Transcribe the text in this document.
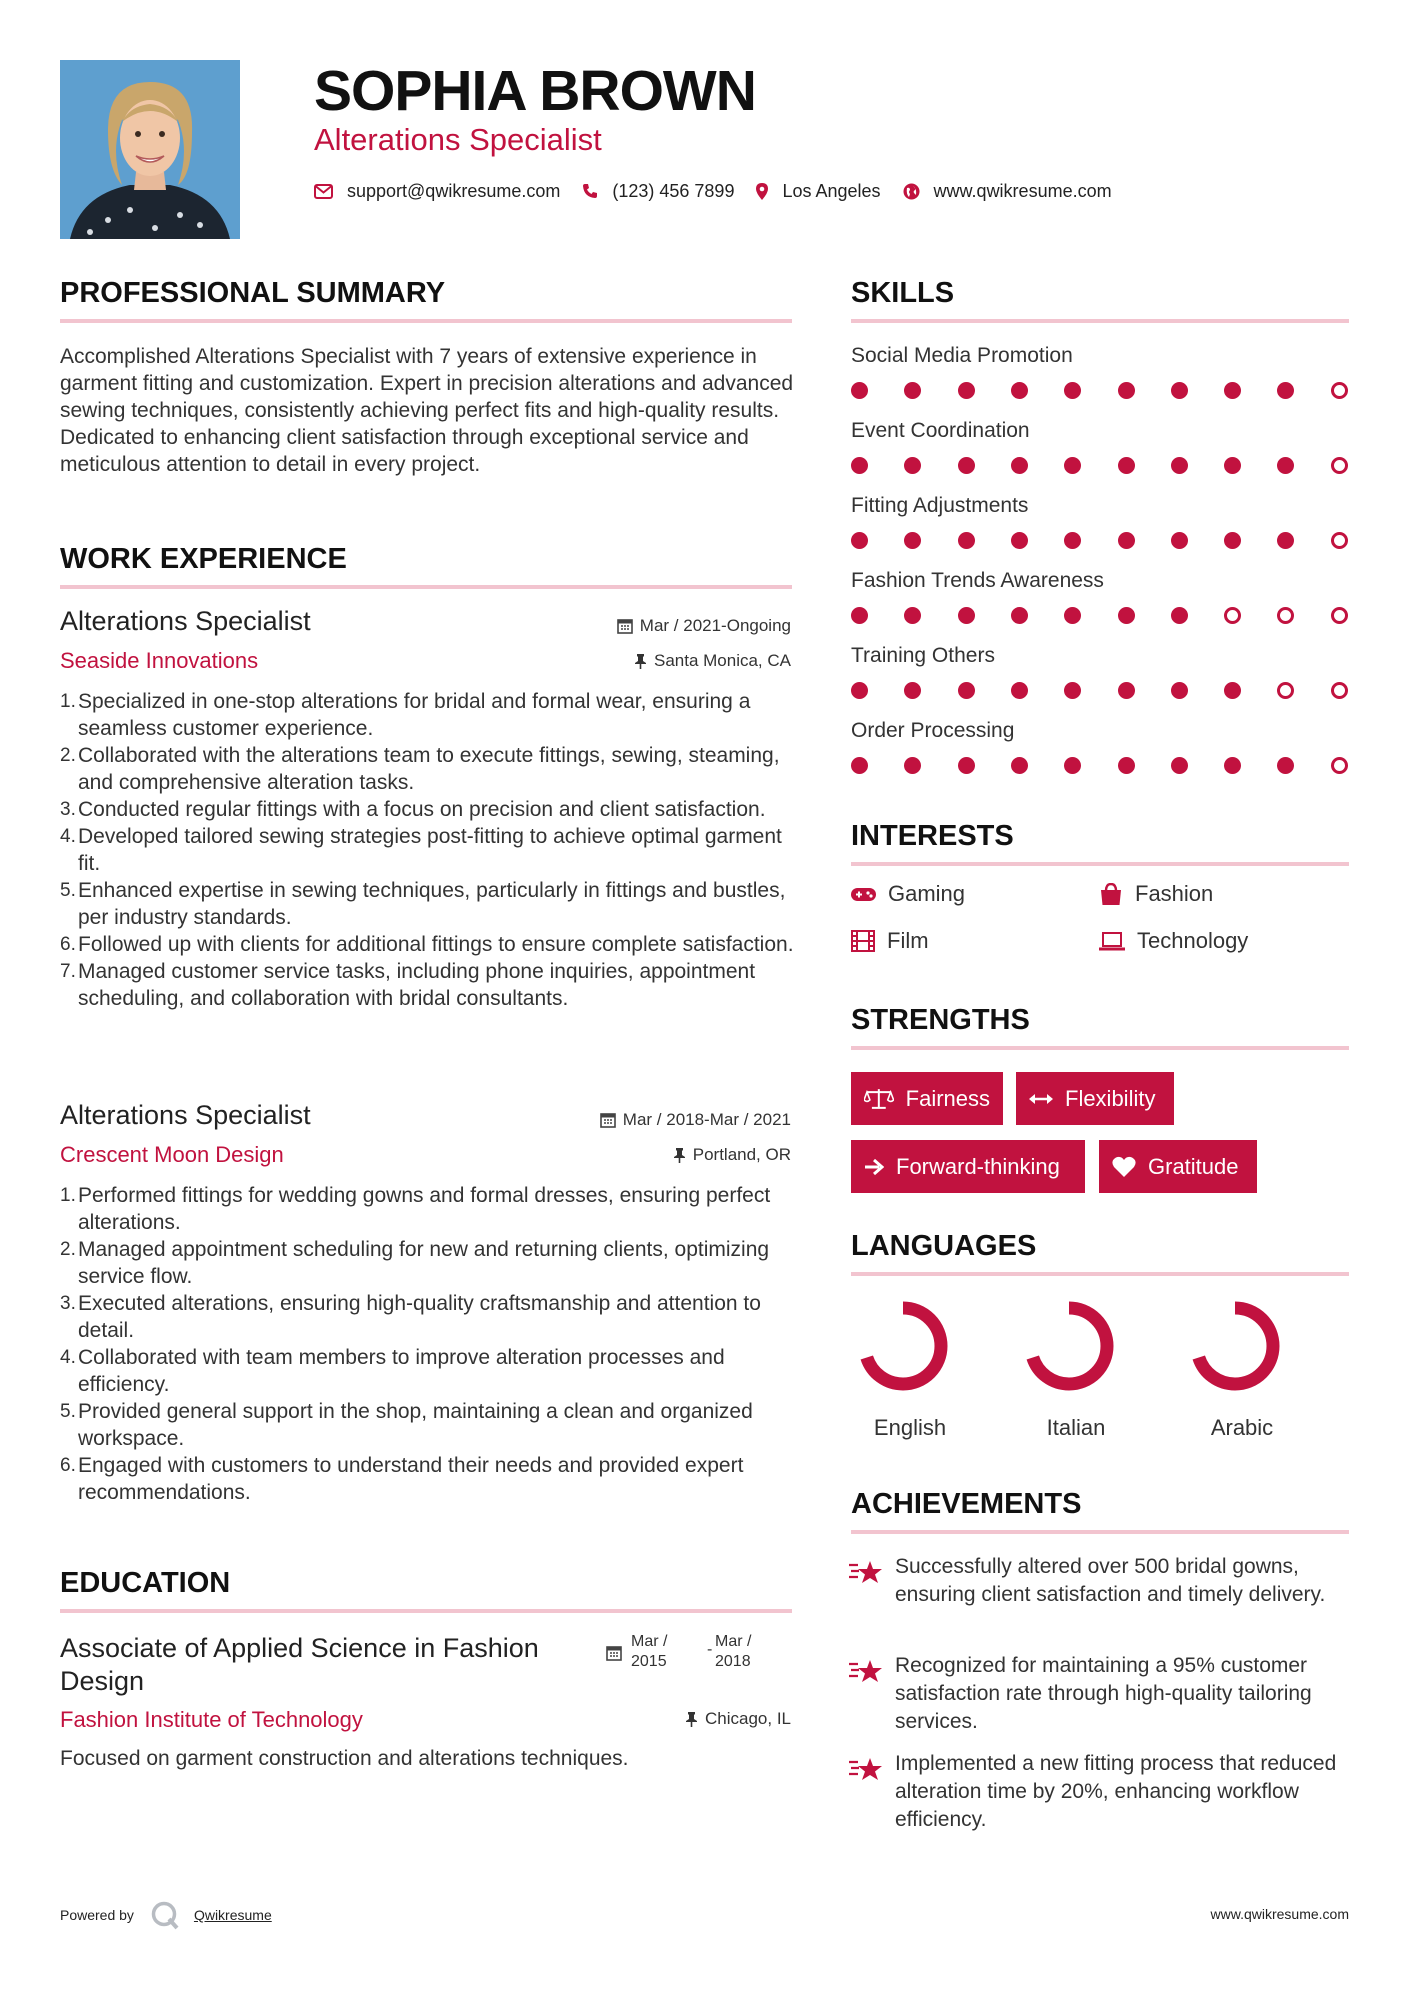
SOPHIA BROWN
Alterations Specialist
support@qwikresume.com	(123) 456 7899	Los Angeles	www.qwikresume.com
PROFESSIONAL SUMMARY
Accomplished Alterations Specialist with 7 years of extensive experience in garment fitting and customization. Expert in precision alterations and advanced sewing techniques, consistently achieving perfect fits and high-quality results. Dedicated to enhancing client satisfaction through exceptional service and meticulous attention to detail in every project.
WORK EXPERIENCE
Alterations Specialist	Mar / 2021-Ongoing
Seaside Innovations	Santa Monica, CA
1. Specialized in one-stop alterations for bridal and formal wear, ensuring a seamless customer experience.
2. Collaborated with the alterations team to execute fittings, sewing, steaming, and comprehensive alteration tasks.
3. Conducted regular fittings with a focus on precision and client satisfaction.
4. Developed tailored sewing strategies post-fitting to achieve optimal garment fit.
5. Enhanced expertise in sewing techniques, particularly in fittings and bustles, per industry standards.
6. Followed up with clients for additional fittings to ensure complete satisfaction.
7. Managed customer service tasks, including phone inquiries, appointment scheduling, and collaboration with bridal consultants.
Alterations Specialist	Mar / 2018-Mar / 2021
Crescent Moon Design	Portland, OR
1. Performed fittings for wedding gowns and formal dresses, ensuring perfect alterations.
2. Managed appointment scheduling for new and returning clients, optimizing service flow.
3. Executed alterations, ensuring high-quality craftsmanship and attention to detail.
4. Collaborated with team members to improve alteration processes and efficiency.
5. Provided general support in the shop, maintaining a clean and organized workspace.
6. Engaged with customers to understand their needs and provided expert recommendations.
EDUCATION
Associate of Applied Science in Fashion Design
Mar /
2015
- Mar /
2018
Fashion Institute of Technology	Chicago, IL
Focused on garment construction and alterations techniques.
SKILLS
Social Media Promotion
Event Coordination
Fitting Adjustments
Fashion Trends Awareness
Training Others
Order Processing
INTERESTS
Gaming	Fashion
Film	Technology
STRENGTHS
Fairness	Flexibility
Forward-thinking	Gratitude
LANGUAGES
English	Italian	Arabic
ACHIEVEMENTS
Successfully altered over 500 bridal gowns, ensuring client satisfaction and timely delivery.
Recognized for maintaining a 95% customer satisfaction rate through high-quality tailoring services.
Implemented a new fitting process that reduced alteration time by 20%, enhancing workflow efficiency.
Powered by	Qwikresume	www.qwikresume.com
